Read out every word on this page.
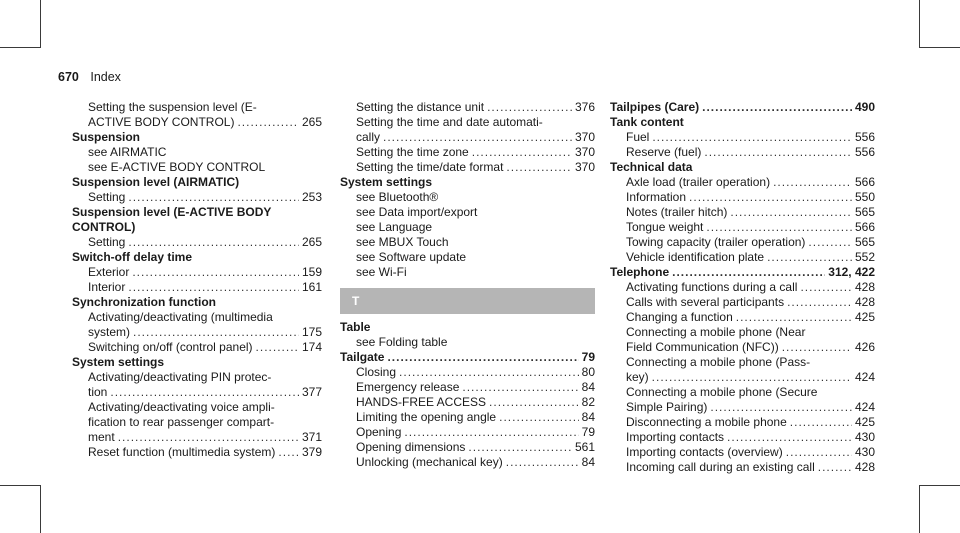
670 Index
Setting the suspension level (E-
ACTIVE BODY CONTROL) .....	265
Suspension
see AIRMATIC
see E-ACTIVE BODY CONTROL
Suspension level (AIRMATIC)
Setting .....	253
Suspension level (E-ACTIVE BODY
CONTROL)
Setting .....	265
Switch-off delay time
Exterior .....	159
Interior .....	161
Synchronization function
Activating/deactivating (multimedia
system) .....	175
Switching on/off (control panel) .....	174
System settings
Activating/deactivating PIN protec-
tion .....	377
Activating/deactivating voice ampli-
fication to rear passenger compart-
ment .....	371
Reset function (multimedia system) ..... 379
Setting the distance unit .....	376
Setting the time and date automati-
cally .....	370
Setting the time zone .....	370
Setting the time/date format .....	370
System settings
see Bluetooth®
see Data import/export
see Language
see MBUX Touch
see Software update
see Wi-Fi
T
Table
see Folding table
Tailgate .....	79
Closing .....	80
Emergency release .....	84
HANDS-FREE ACCESS .....	82
Limiting the opening angle .....	84
Opening .....	79
Opening dimensions .....	561
Unlocking (mechanical key) .....	84
Tailpipes (Care) .....	490
Tank content
Fuel .....	556
Reserve (fuel) .....	556
Technical data
Axle load (trailer operation) .....	566
Information .....	550
Notes (trailer hitch) .....	565
Tongue weight .....	566
Towing capacity (trailer operation) .....	565
Vehicle identification plate .....	552
Telephone .....	312, 422
Activating functions during a call .....	428
Calls with several participants .....	428
Changing a function .....	425
Connecting a mobile phone (Near
Field Communication (NFC)) .....	426
Connecting a mobile phone (Pass-
key) .....	424
Connecting a mobile phone (Secure
Simple Pairing) .....	424
Disconnecting a mobile phone .....	425
Importing contacts .....	430
Importing contacts (overview) .....	430
Incoming call during an existing call .....	428
